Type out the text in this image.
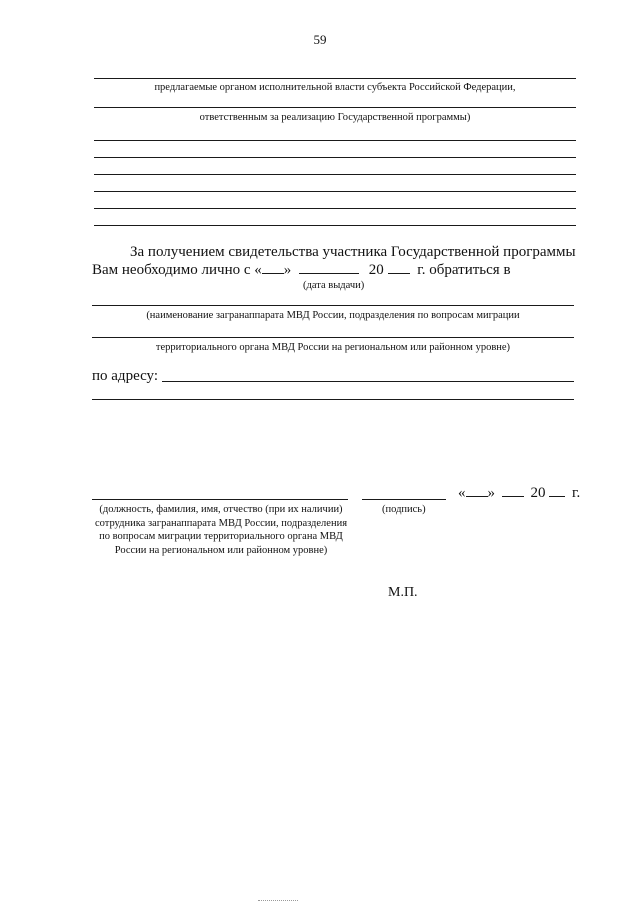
59
предлагаемые органом исполнительной власти субъекта Российской Федерации,
ответственным за реализацию Государственной программы)
За получением свидетельства участника Государственной программы
Вам необходимо лично с « »	20 г. обратиться в
(дата выдачи)
(наименование загранаппарата МВД России, подразделения по вопросам миграции
территориального органа МВД России на региональном или районном уровне)
по адресу:
(должность, фамилия, имя, отчество (при их наличии) сотрудника загранаппарата МВД России, подразделения по вопросам миграции территориального органа МВД России на региональном или районном уровне)
(подпись)
« » 20 г.
М.П.
